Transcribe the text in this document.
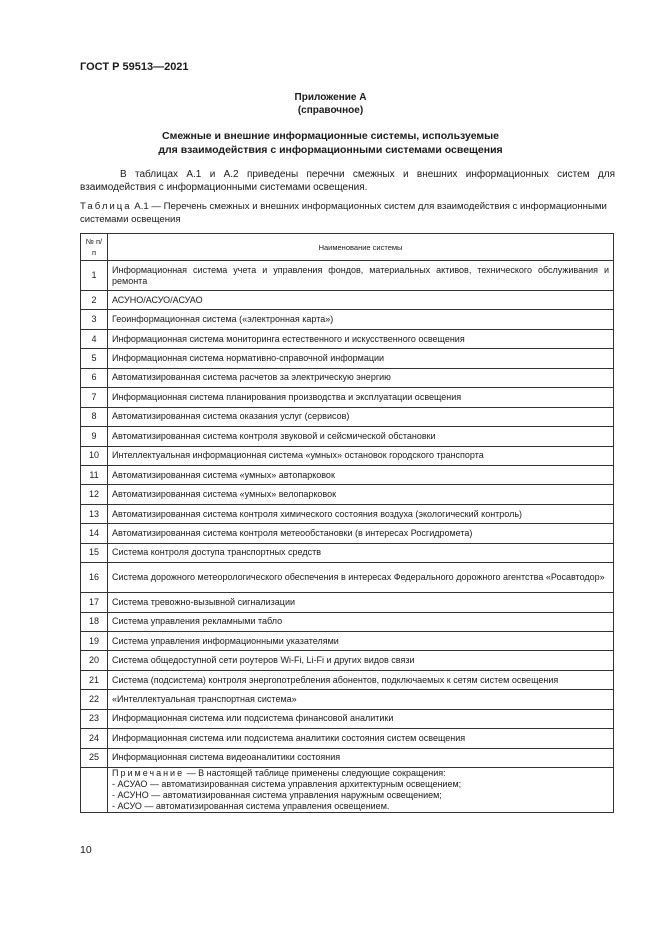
ГОСТ Р 59513—2021
Приложение А
(справочное)
Смежные и внешние информационные системы, используемые
для взаимодействия с информационными системами освещения
В таблицах А.1 и А.2 приведены перечни смежных и внешних информационных систем для взаимодействия с информационными системами освещения.
Таблица А.1 — Перечень смежных и внешних информационных систем для взаимодействия с информационными системами освещения
№ п/п	Наименование системы
1	Информационная система учета и управления фондов, материальных активов, технического обслуживания и ремонта
2	АСУНО/АСУО/АСУАО
3	Геоинформационная система («электронная карта»)
4	Информационная система мониторинга естественного и искусственного освещения
5	Информационная система нормативно-справочной информации
6	Автоматизированная система расчетов за электрическую энергию
7	Информационная система планирования производства и эксплуатации освещения
8	Автоматизированная система оказания услуг (сервисов)
9	Автоматизированная система контроля звуковой и сейсмической обстановки
10	Интеллектуальная информационная система «умных» остановок городского транспорта
11	Автоматизированная система «умных» автопарковок
12	Автоматизированная система «умных» велопарковок
13	Автоматизированная система контроля химического состояния воздуха (экологический контроль)
14	Автоматизированная система контроля метеообстановки (в интересах Росгидромета)
15	Система контроля доступа транспортных средств
16	Система дорожного метеорологического обеспечения в интересах Федерального дорожного агентства «Росавтодор»
17	Система тревожно-вызывной сигнализации
18	Система управления рекламными табло
19	Система управления информационными указателями
20	Система общедоступной сети роутеров Wi-Fi, Li-Fi и других видов связи
21	Система (подсистема) контроля энергопотребления абонентов, подключаемых к сетям систем освещения
22	«Интеллектуальная транспортная система»
23	Информационная система или подсистема финансовой аналитики
24	Информационная система или подсистема аналитики состояния систем освещения
25	Информационная система видеоаналитики состояния

	Примечание — В настоящей таблице применены следующие сокращения:
- АСУАО — автоматизированная система управления архитектурным освещением;
- АСУНО — автоматизированная система управления наружным освещением;
- АСУО — автоматизированная система управления освещением.
10
